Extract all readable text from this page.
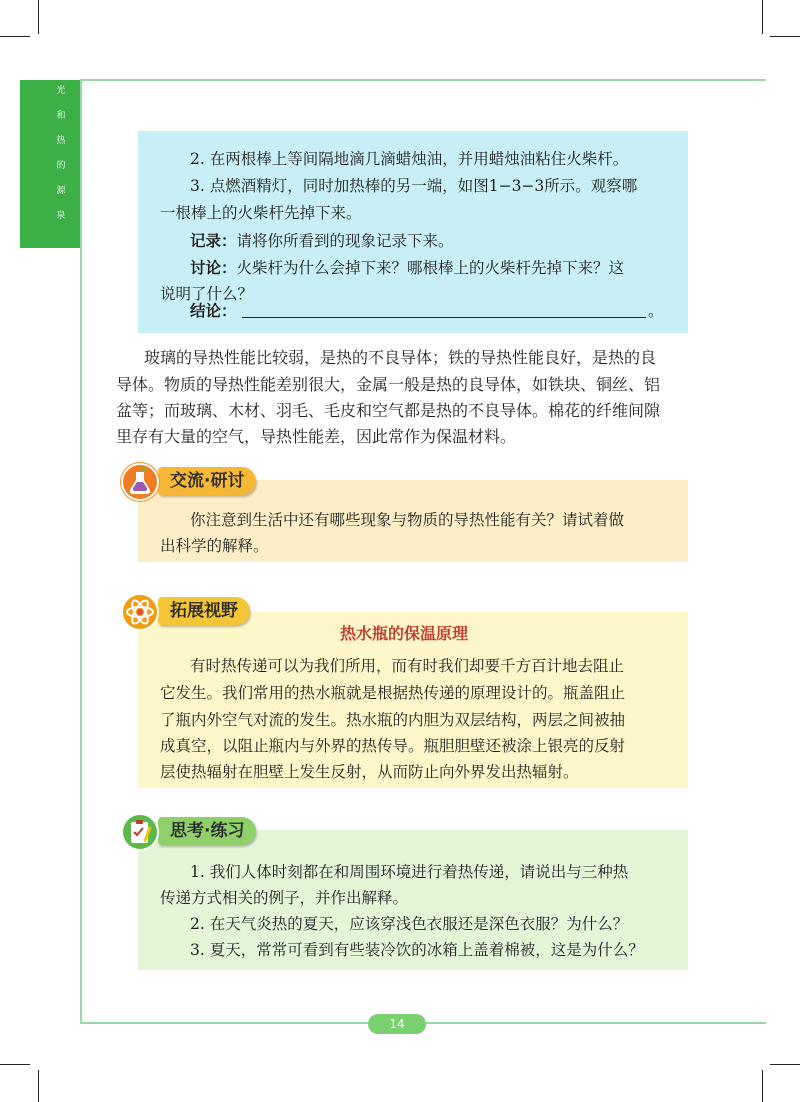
光
和
热
的
源
泉
2. 在两根棒上等间隔地滴几滴蜡烛油，并用蜡烛油粘住火柴杆。
3. 点燃酒精灯，同时加热棒的另一端，如图1−3−3所示。观察哪
一根棒上的火柴杆先掉下来。
记录：请将你所看到的现象记录下来。
讨论：火柴杆为什么会掉下来？哪根棒上的火柴杆先掉下来？这
说明了什么？
结论：	。
玻璃的导热性能比较弱，是热的不良导体；铁的导热性能良好，是热的良
导体。物质的导热性能差别很大，金属一般是热的良导体，如铁块、铜丝、铝
盆等；而玻璃、木材、羽毛、毛皮和空气都是热的不良导体。棉花的纤维间隙
里存有大量的空气，导热性能差，因此常作为保温材料。
你注意到生活中还有哪些现象与物质的导热性能有关？请试着做
出科学的解释。
交流·研讨
热水瓶的保温原理
有时热传递可以为我们所用，而有时我们却要千方百计地去阻止
它发生。我们常用的热水瓶就是根据热传递的原理设计的。瓶盖阻止
了瓶内外空气对流的发生。热水瓶的内胆为双层结构，两层之间被抽
成真空，以阻止瓶内与外界的热传导。瓶胆胆壁还被涂上银亮的反射
层使热辐射在胆壁上发生反射，从而防止向外界发出热辐射。
拓展视野
1. 我们人体时刻都在和周围环境进行着热传递，请说出与三种热
传递方式相关的例子，并作出解释。
2. 在天气炎热的夏天，应该穿浅色衣服还是深色衣服？为什么？
3. 夏天，常常可看到有些装冷饮的冰箱上盖着棉被，这是为什么？
思考·练习
14
